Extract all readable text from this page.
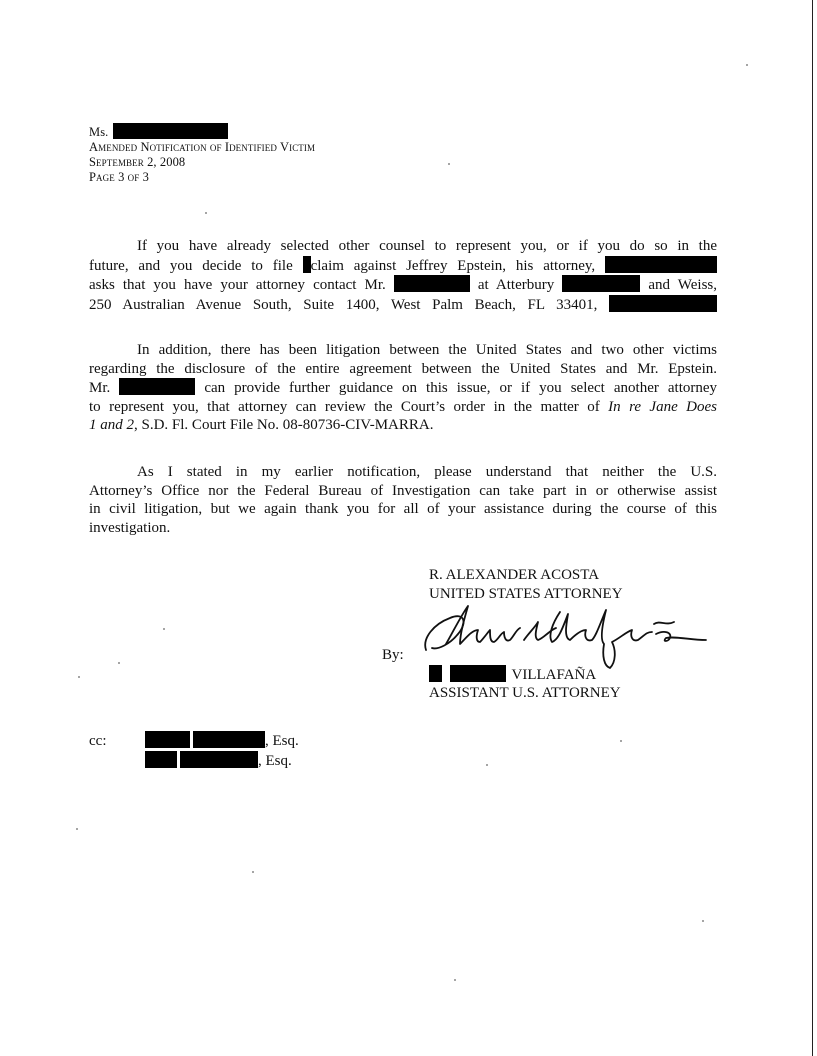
Ms.
Amended Notification of Identified Victim
September 2, 2008
Page 3 of 3
If you have already selected other counsel to represent you, or if you do so in the
future, and you decide to file claim against Jeffrey Epstein, his attorney,
asks that you have your attorney contact Mr.	at Atterbury	and Weiss,
250 Australian Avenue South, Suite 1400, West Palm Beach, FL 33401,
In addition, there has been litigation between the United States and two other victims
regarding the disclosure of the entire agreement between the United States and Mr. Epstein.
Mr.	can provide further guidance on this issue, or if you select another attorney
to represent you, that attorney can review the Court’s order in the matter of In re Jane Does
1 and 2, S.D. Fl. Court File No. 08-80736-CIV-MARRA.
As I stated in my earlier notification, please understand that neither the U.S.
Attorney’s Office nor the Federal Bureau of Investigation can take part in or otherwise assist
in civil litigation, but we again thank you for all of your assistance during the course of this
investigation.
R. ALEXANDER ACOSTA
UNITED STATES ATTORNEY
By:
VILLAFAÑA
ASSISTANT U.S. ATTORNEY
cc:	, Esq.
, Esq.
